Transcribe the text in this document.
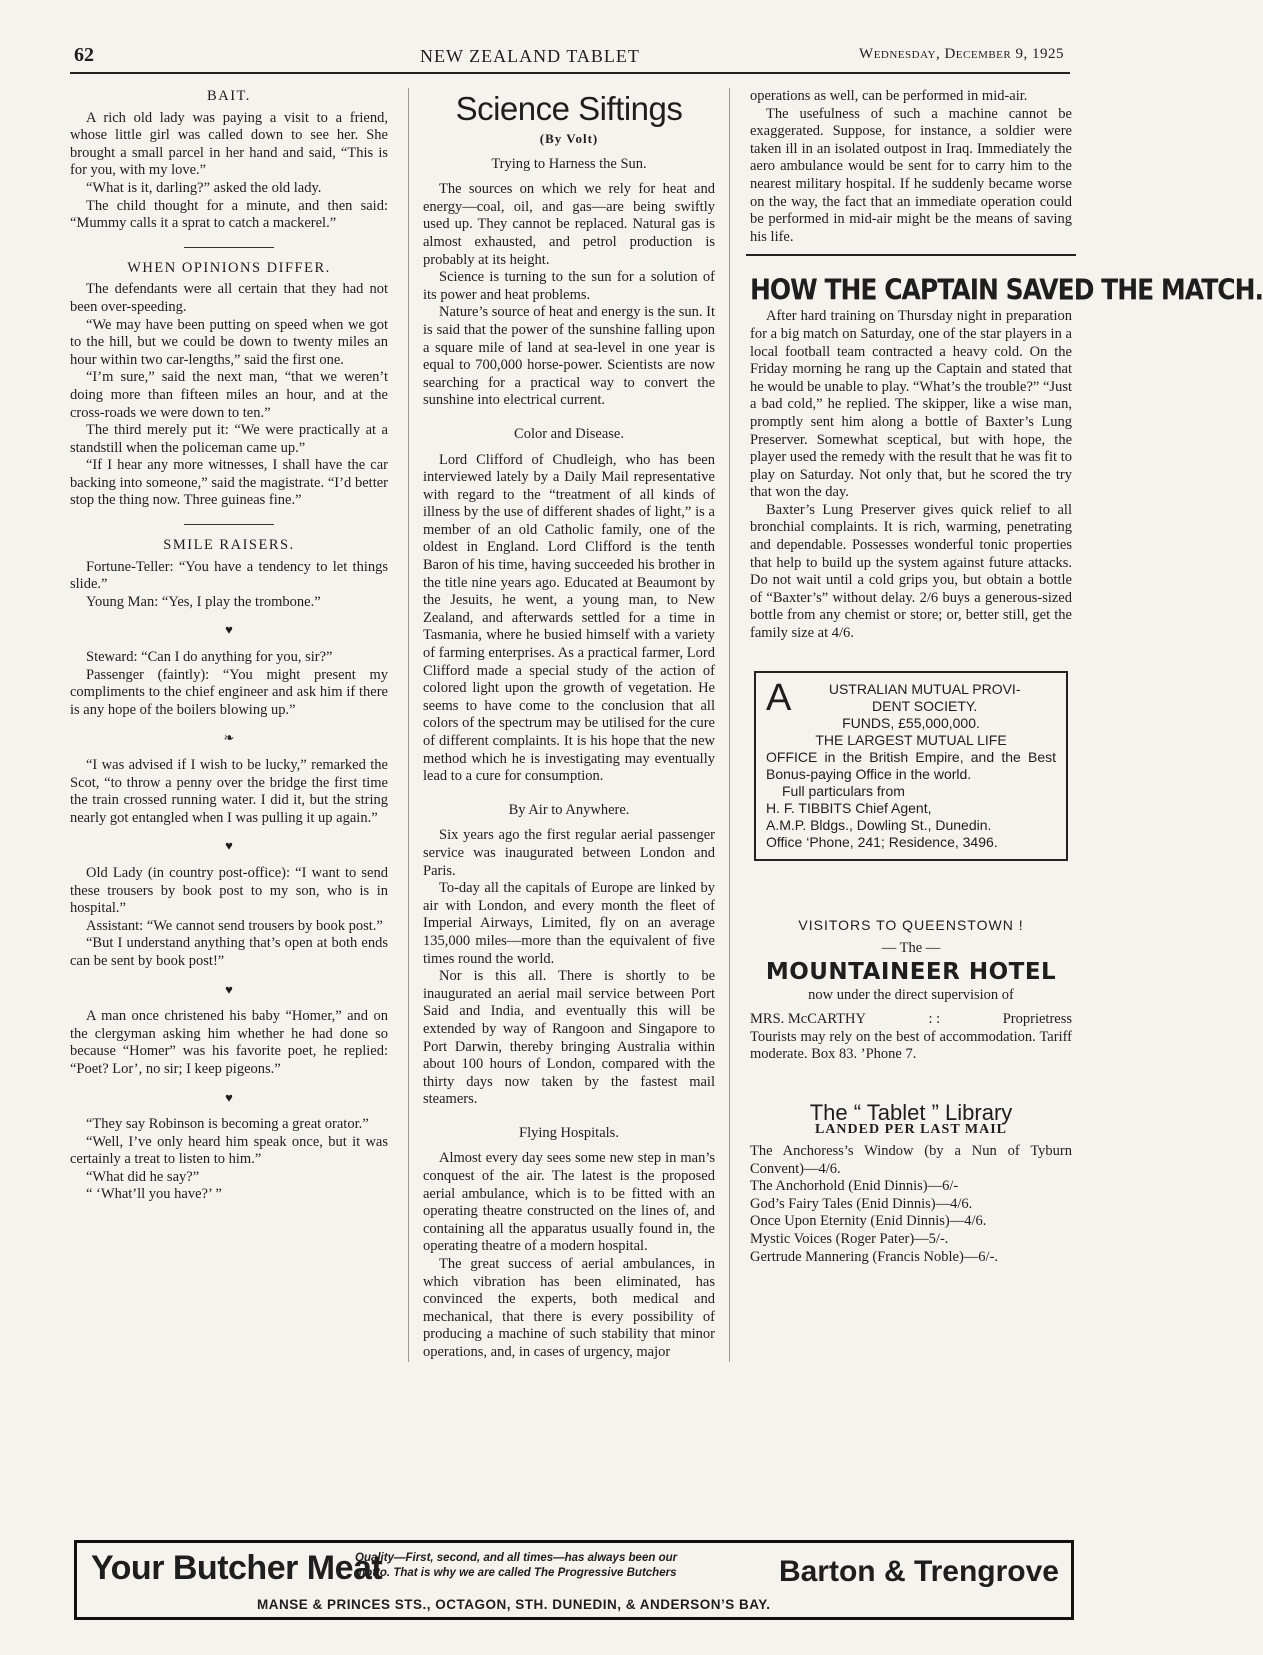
62	NEW ZEALAND TABLET	Wednesday, December 9, 1925
BAIT.

A rich old lady was paying a visit to a friend, whose little girl was called down to see her. She brought a small parcel in her hand and said, “This is for you, with my love.”

“What is it, darling?” asked the old lady.

The child thought for a minute, and then said: “Mummy calls it a sprat to catch a mackerel.”

WHEN OPINIONS DIFFER.

The defendants were all certain that they had not been over-speeding.

“We may have been putting on speed when we got to the hill, but we could be down to twenty miles an hour within two car-lengths,” said the first one.

“I’m sure,” said the next man, “that we weren’t doing more than fifteen miles an hour, and at the cross-roads we were down to ten.”

The third merely put it: “We were practically at a standstill when the policeman came up.”

“If I hear any more witnesses, I shall have the car backing into someone,” said the magistrate. “I’d better stop the thing now. Three guineas fine.”

SMILE RAISERS.

Fortune-Teller: “You have a tendency to let things slide.”

Young Man: “Yes, I play the trombone.”

♥

Steward: “Can I do anything for you, sir?”

Passenger (faintly): “You might present my compliments to the chief engineer and ask him if there is any hope of the boilers blowing up.”

❧

“I was advised if I wish to be lucky,” remarked the Scot, “to throw a penny over the bridge the first time the train crossed running water. I did it, but the string nearly got entangled when I was pulling it up again.”

♥

Old Lady (in country post-office): “I want to send these trousers by book post to my son, who is in hospital.”

Assistant: “We cannot send trousers by book post.”

“But I understand anything that’s open at both ends can be sent by book post!”

♥

A man once christened his baby “Homer,” and on the clergyman asking him whether he had done so because “Homer” was his favorite poet, he replied: “Poet? Lor’, no sir; I keep pigeons.”

♥

“They say Robinson is becoming a great orator.”

“Well, I’ve only heard him speak once, but it was certainly a treat to listen to him.”

“What did he say?”

“ ‘What’ll you have?’ ”

Science Siftings
(By Volt)
Trying to Harness the Sun.

The sources on which we rely for heat and energy—coal, oil, and gas—are being swiftly used up. They cannot be replaced. Natural gas is almost exhausted, and petrol production is probably at its height.

Science is turning to the sun for a solution of its power and heat problems.

Nature’s source of heat and energy is the sun. It is said that the power of the sunshine falling upon a square mile of land at sea-level in one year is equal to 700,000 horse-power. Scientists are now searching for a practical way to convert the sunshine into electrical current.

Color and Disease.

Lord Clifford of Chudleigh, who has been interviewed lately by a Daily Mail representative with regard to the “treatment of all kinds of illness by the use of different shades of light,” is a member of an old Catholic family, one of the oldest in England. Lord Clifford is the tenth Baron of his time, having succeeded his brother in the title nine years ago. Educated at Beaumont by the Jesuits, he went, a young man, to New Zealand, and afterwards settled for a time in Tasmania, where he busied himself with a variety of farming enterprises. As a practical farmer, Lord Clifford made a special study of the action of colored light upon the growth of vegetation. He seems to have come to the conclusion that all colors of the spectrum may be utilised for the cure of different complaints. It is his hope that the new method which he is investigating may eventually lead to a cure for consumption.

By Air to Anywhere.

Six years ago the first regular aerial passenger service was inaugurated between London and Paris.

To-day all the capitals of Europe are linked by air with London, and every month the fleet of Imperial Airways, Limited, fly on an average 135,000 miles—more than the equivalent of five times round the world.

Nor is this all. There is shortly to be inaugurated an aerial mail service between Port Said and India, and eventually this will be extended by way of Rangoon and Singapore to Port Darwin, thereby bringing Australia within about 100 hours of London, compared with the thirty days now taken by the fastest mail steamers.

Flying Hospitals.

Almost every day sees some new step in man’s conquest of the air. The latest is the proposed aerial ambulance, which is to be fitted with an operating theatre constructed on the lines of, and containing all the apparatus usually found in, the operating theatre of a modern hospital.

The great success of aerial ambulances, in which vibration has been eliminated, has convinced the experts, both medical and mechanical, that there is every possibility of producing a machine of such stability that minor operations, and, in cases of urgency, major

operations as well, can be performed in mid-air.

The usefulness of such a machine cannot be exaggerated. Suppose, for instance, a soldier were taken ill in an isolated outpost in Iraq. Immediately the aero ambulance would be sent for to carry him to the nearest military hospital. If he suddenly became worse on the way, the fact that an immediate operation could be performed in mid-air might be the means of saving his life.

HOW THE CAPTAIN SAVED THE MATCH.

After hard training on Thursday night in preparation for a big match on Saturday, one of the star players in a local football team contracted a heavy cold. On the Friday morning he rang up the Captain and stated that he would be unable to play. “What’s the trouble?” “Just a bad cold,” he replied. The skipper, like a wise man, promptly sent him along a bottle of Baxter’s Lung Preserver. Somewhat sceptical, but with hope, the player used the remedy with the result that he was fit to play on Saturday. Not only that, but he scored the try that won the day.

Baxter’s Lung Preserver gives quick relief to all bronchial complaints. It is rich, warming, penetrating and dependable. Possesses wonderful tonic properties that help to build up the system against future attacks. Do not wait until a cold grips you, but obtain a bottle of “Baxter’s” without delay. 2/6 buys a generous-sized bottle from any chemist or store; or, better still, get the family size at 4/6.

A	USTRALIAN MUTUAL PROVI-
DENT SOCIETY.
FUNDS, £55,000,000.
THE LARGEST MUTUAL LIFE
OFFICE in the British Empire, and the Best Bonus-paying Office in the world.
Full particulars from
H. F. TIBBITS Chief Agent,
A.M.P. Bldgs., Dowling St., Dunedin.
Office ‘Phone, 241; Residence, 3496.
VISITORS TO QUEENSTOWN !
— The —
MOUNTAINEER HOTEL
now under the direct supervision of
MRS. McCARTHY	: :	Proprietress

Tourists may rely on the best of accommodation. Tariff moderate. Box 83. ’Phone 7.

The “ Tablet ” Library
LANDED PER LAST MAIL

The Anchoress’s Window (by a Nun of Tyburn Convent)—4/6.

The Anchorhold (Enid Dinnis)—6/-

God’s Fairy Tales (Enid Dinnis)—4/6.

Once Upon Eternity (Enid Dinnis)—4/6.

Mystic Voices (Roger Pater)—5/-.

Gertrude Mannering (Francis Noble)—6/-.

Your Butcher Meat
Quality—First, second, and all times—has always been our
motto. That is why we are called The Progressive Butchers	Barton & Trengrove
MANSE & PRINCES STS., OCTAGON, STH. DUNEDIN, & ANDERSON’S BAY.
